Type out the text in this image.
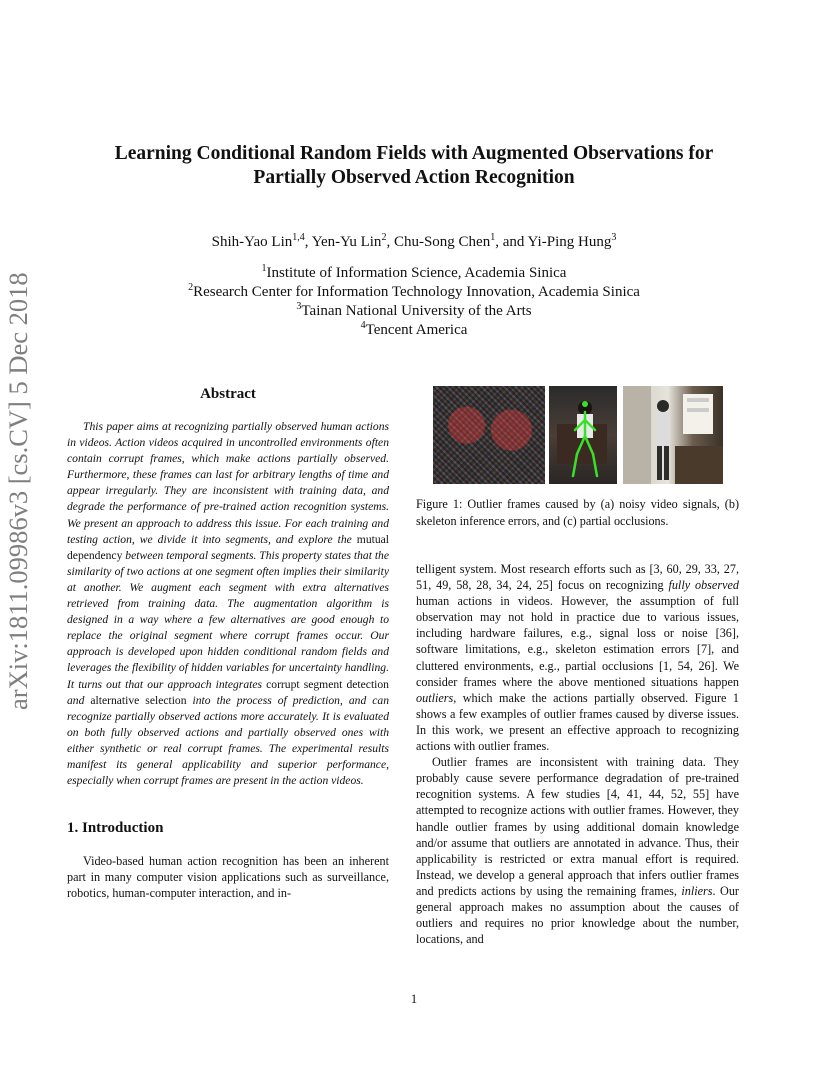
arXiv:1811.09986v3 [cs.CV] 5 Dec 2018
Learning Conditional Random Fields with Augmented Observations for
Partially Observed Action Recognition
Shih-Yao Lin$^{1,4}$, Yen-Yu Lin$^2$, Chu-Song Chen$^1$, and Yi-Ping Hung$^3$
$^1$Institute of Information Science, Academia Sinica
$^2$Research Center for Information Technology Innovation, Academia Sinica
$^3$Tainan National University of the Arts
$^4$Tencent America
Abstract

This paper aims at recognizing partially observed human actions in videos. Action videos acquired in uncontrolled environments often contain corrupt frames, which make actions partially observed. Furthermore, these frames can last for arbitrary lengths of time and appear irregularly. They are inconsistent with training data, and degrade the performance of pre-trained action recognition systems. We present an approach to address this issue. For each training and testing action, we divide it into segments, and explore the mutual dependency between temporal segments. This property states that the similarity of two actions at one segment often implies their similarity at another. We augment each segment with extra alternatives retrieved from training data. The augmentation algorithm is designed in a way where a few alternatives are good enough to replace the original segment where corrupt frames occur. Our approach is developed upon hidden conditional random fields and leverages the flexibility of hidden variables for uncertainty handling. It turns out that our approach integrates corrupt segment detection and alternative selection into the process of prediction, and can recognize partially observed actions more accurately. It is evaluated on both fully observed actions and partially observed ones with either synthetic or real corrupt frames. The experimental results manifest its general applicability and superior performance, especially when corrupt frames are present in the action videos.

1. Introduction

Video-based human action recognition has been an inherent part in many computer vision applications such as surveillance, robotics, human-computer interaction, and in-

Figure 1: Outlier frames caused by (a) noisy video signals, (b) skeleton inference errors, and (c) partial occlusions.

telligent system. Most research efforts such as [3, 60, 29, 33, 27, 51, 49, 58, 28, 34, 24, 25] focus on recognizing fully observed human actions in videos. However, the assumption of full observation may not hold in practice due to various issues, including hardware failures, e.g., signal loss or noise [36], software limitations, e.g., skeleton estimation errors [7], and cluttered environments, e.g., partial occlusions [1, 54, 26]. We consider frames where the above mentioned situations happen outliers, which make the actions partially observed. Figure 1 shows a few examples of outlier frames caused by diverse issues. In this work, we present an effective approach to recognizing actions with outlier frames.

Outlier frames are inconsistent with training data. They probably cause severe performance degradation of pre-trained recognition systems. A few studies [4, 41, 44, 52, 55] have attempted to recognize actions with outlier frames. However, they handle outlier frames by using additional domain knowledge and/or assume that outliers are annotated in advance. Thus, their applicability is restricted or extra manual effort is required. Instead, we develop a general approach that infers outlier frames and predicts actions by using the remaining frames, inliers. Our general approach makes no assumption about the causes of outliers and requires no prior knowledge about the number, locations, and

1
